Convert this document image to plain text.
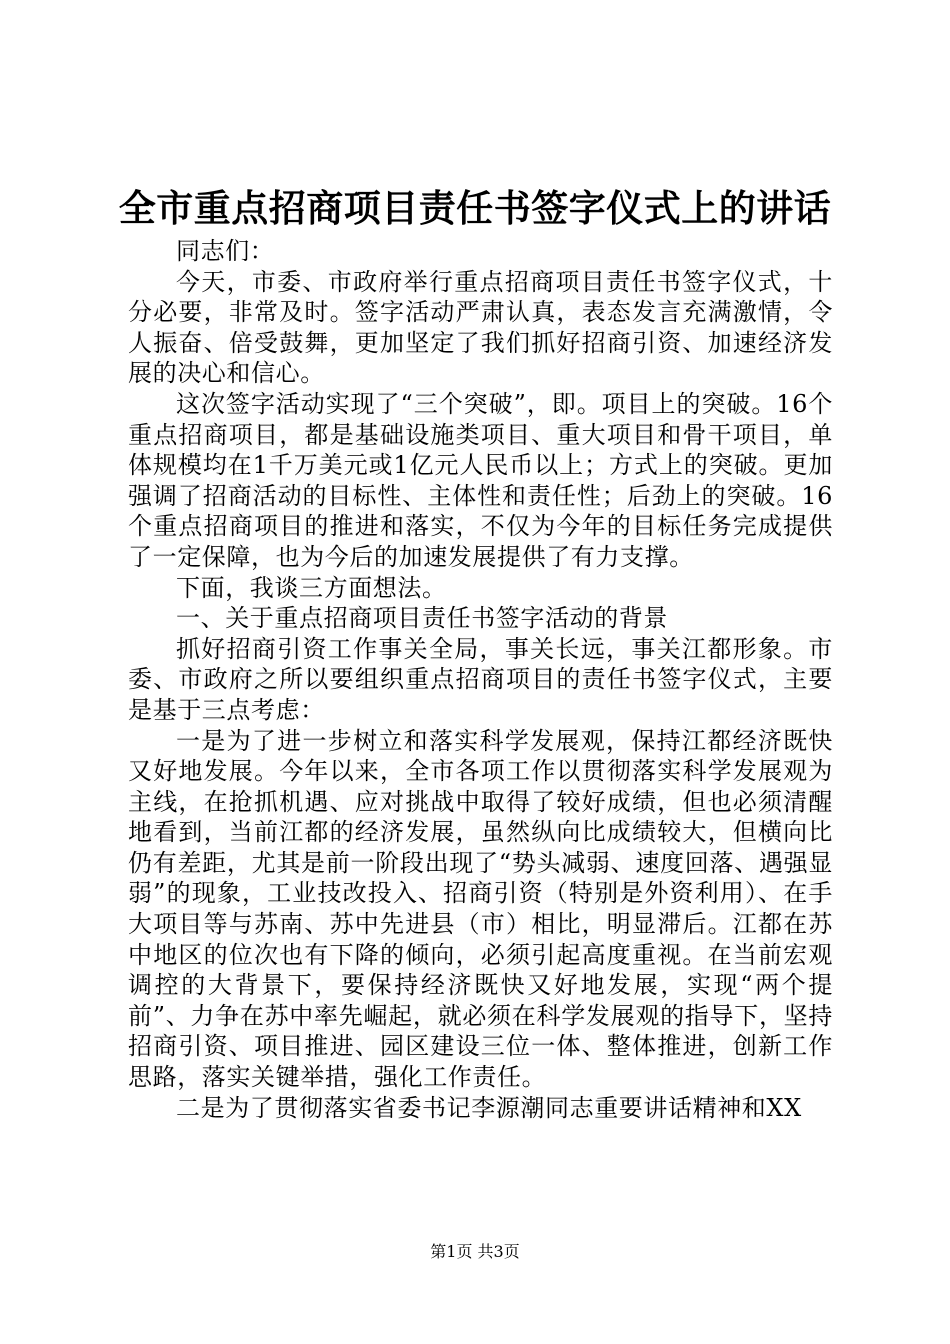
全市重点招商项目责任书签字仪式上的讲话

同志们：

今天，市委、市政府举行重点招商项目责任书签字仪式，十分必要，非常及时。签字活动严肃认真，表态发言充满激情，令人振奋、倍受鼓舞，更加坚定了我们抓好招商引资、加速经济发展的决心和信心。

这次签字活动实现了“三个突破”，即。项目上的突破。16个重点招商项目，都是基础设施类项目、重大项目和骨干项目，单体规模均在1千万美元或1亿元人民币以上；方式上的突破。更加强调了招商活动的目标性、主体性和责任性；后劲上的突破。16个重点招商项目的推进和落实，不仅为今年的目标任务完成提供了一定保障，也为今后的加速发展提供了有力支撑。

下面，我谈三方面想法。

一、关于重点招商项目责任书签字活动的背景

抓好招商引资工作事关全局，事关长远，事关江都形象。市委、市政府之所以要组织重点招商项目的责任书签字仪式，主要是基于三点考虑：

一是为了进一步树立和落实科学发展观，保持江都经济既快又好地发展。今年以来，全市各项工作以贯彻落实科学发展观为主线，在抢抓机遇、应对挑战中取得了较好成绩，但也必须清醒地看到，当前江都的经济发展，虽然纵向比成绩较大，但横向比仍有差距，尤其是前一阶段出现了“势头减弱、速度回落、遇强显弱”的现象，工业技改投入、招商引资（特别是外资利用）、在手大项目等与苏南、苏中先进县（市）相比，明显滞后。江都在苏中地区的位次也有下降的倾向，必须引起高度重视。在当前宏观调控的大背景下，要保持经济既快又好地发展，实现“两个提前”、力争在苏中率先崛起，就必须在科学发展观的指导下，坚持招商引资、项目推进、园区建设三位一体、整体推进，创新工作思路，落实关键举措，强化工作责任。

二是为了贯彻落实省委书记李源潮同志重要讲话精神和XX

第1页 共3页
